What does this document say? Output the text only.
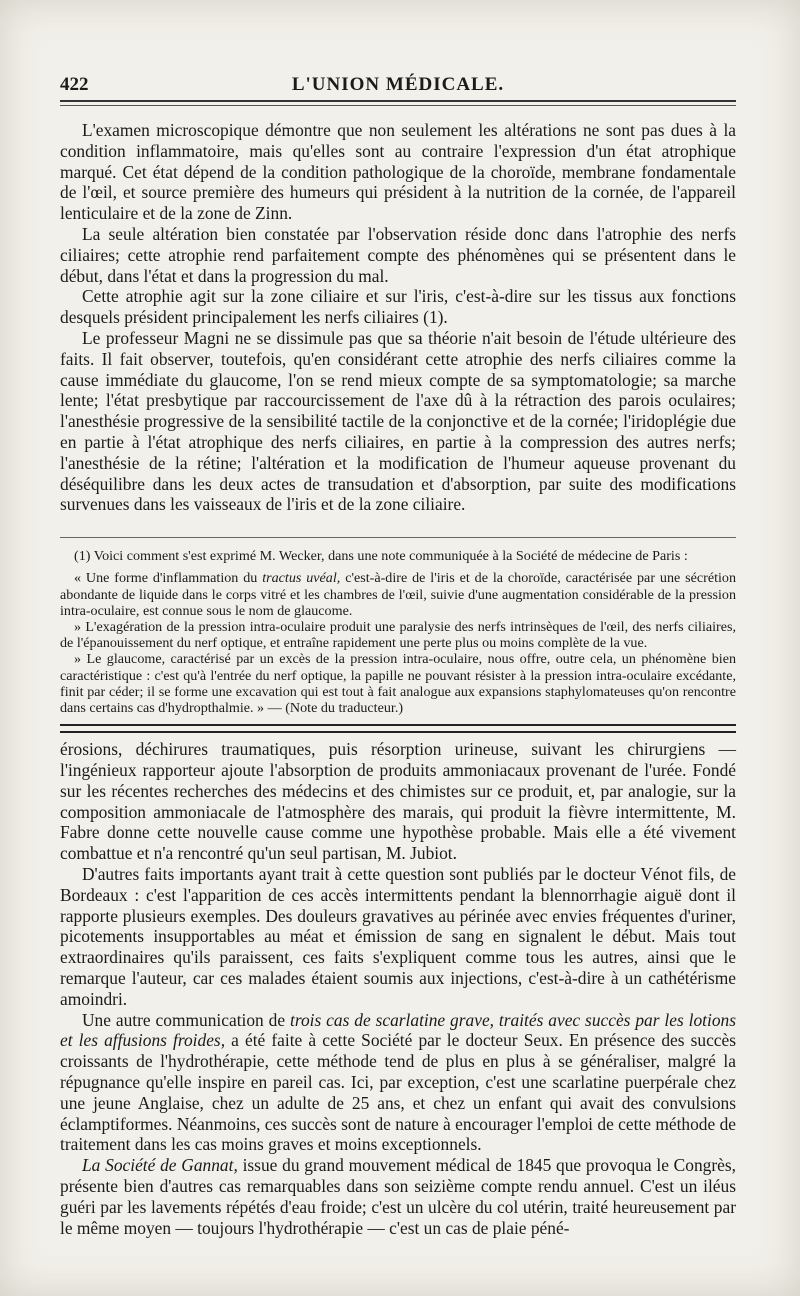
422	L'UNION MÉDICALE.

L'examen microscopique démontre que non seulement les altérations ne sont pas dues à la condition inflammatoire, mais qu'elles sont au contraire l'expression d'un état atrophique marqué. Cet état dépend de la condition pathologique de la choroïde, membrane fondamentale de l'œil, et source première des humeurs qui président à la nutrition de la cornée, de l'appareil lenticulaire et de la zone de Zinn.

La seule altération bien constatée par l'observation réside donc dans l'atrophie des nerfs ciliaires; cette atrophie rend parfaitement compte des phénomènes qui se présentent dans le début, dans l'état et dans la progression du mal.

Cette atrophie agit sur la zone ciliaire et sur l'iris, c'est-à-dire sur les tissus aux fonctions desquels président principalement les nerfs ciliaires (1).

Le professeur Magni ne se dissimule pas que sa théorie n'ait besoin de l'étude ultérieure des faits. Il fait observer, toutefois, qu'en considérant cette atrophie des nerfs ciliaires comme la cause immédiate du glaucome, l'on se rend mieux compte de sa symptomatologie; sa marche lente; l'état presbytique par raccourcissement de l'axe dû à la rétraction des parois oculaires; l'anesthésie progressive de la sensibilité tactile de la conjonctive et de la cornée; l'iridoplégie due en partie à l'état atrophique des nerfs ciliaires, en partie à la compression des autres nerfs; l'anesthésie de la rétine; l'altération et la modification de l'humeur aqueuse provenant du déséquilibre dans les deux actes de transudation et d'absorption, par suite des modifications survenues dans les vaisseaux de l'iris et de la zone ciliaire.

(1) Voici comment s'est exprimé M. Wecker, dans une note communiquée à la Société de médecine de Paris :

« Une forme d'inflammation du tractus uvéal, c'est-à-dire de l'iris et de la choroïde, caractérisée par une sécrétion abondante de liquide dans le corps vitré et les chambres de l'œil, suivie d'une augmentation considérable de la pression intra-oculaire, est connue sous le nom de glaucome.

» L'exagération de la pression intra-oculaire produit une paralysie des nerfs intrinsèques de l'œil, des nerfs ciliaires, de l'épanouissement du nerf optique, et entraîne rapidement une perte plus ou moins complète de la vue.

» Le glaucome, caractérisé par un excès de la pression intra-oculaire, nous offre, outre cela, un phénomène bien caractéristique : c'est qu'à l'entrée du nerf optique, la papille ne pouvant résister à la pression intra-oculaire excédante, finit par céder; il se forme une excavation qui est tout à fait analogue aux expansions staphylomateuses qu'on rencontre dans certains cas d'hydropthalmie. » — (Note du traducteur.)

érosions, déchirures traumatiques, puis résorption urineuse, suivant les chirurgiens — l'ingénieux rapporteur ajoute l'absorption de produits ammoniacaux provenant de l'urée. Fondé sur les récentes recherches des médecins et des chimistes sur ce produit, et, par analogie, sur la composition ammoniacale de l'atmosphère des marais, qui produit la fièvre intermittente, M. Fabre donne cette nouvelle cause comme une hypothèse probable. Mais elle a été vivement combattue et n'a rencontré qu'un seul partisan, M. Jubiot.

D'autres faits importants ayant trait à cette question sont publiés par le docteur Vénot fils, de Bordeaux : c'est l'apparition de ces accès intermittents pendant la blennorrhagie aiguë dont il rapporte plusieurs exemples. Des douleurs gravatives au périnée avec envies fréquentes d'uriner, picotements insupportables au méat et émission de sang en signalent le début. Mais tout extraordinaires qu'ils paraissent, ces faits s'expliquent comme tous les autres, ainsi que le remarque l'auteur, car ces malades étaient soumis aux injections, c'est-à-dire à un cathétérisme amoindri.

Une autre communication de trois cas de scarlatine grave, traités avec succès par les lotions et les affusions froides, a été faite à cette Société par le docteur Seux. En présence des succès croissants de l'hydrothérapie, cette méthode tend de plus en plus à se généraliser, malgré la répugnance qu'elle inspire en pareil cas. Ici, par exception, c'est une scarlatine puerpérale chez une jeune Anglaise, chez un adulte de 25 ans, et chez un enfant qui avait des convulsions éclamptiformes. Néanmoins, ces succès sont de nature à encourager l'emploi de cette méthode de traitement dans les cas moins graves et moins exceptionnels.

La Société de Gannat, issue du grand mouvement médical de 1845 que provoqua le Congrès, présente bien d'autres cas remarquables dans son seizième compte rendu annuel. C'est un iléus guéri par les lavements répétés d'eau froide; c'est un ulcère du col utérin, traité heureusement par le même moyen — toujours l'hydrothérapie — c'est un cas de plaie péné-
